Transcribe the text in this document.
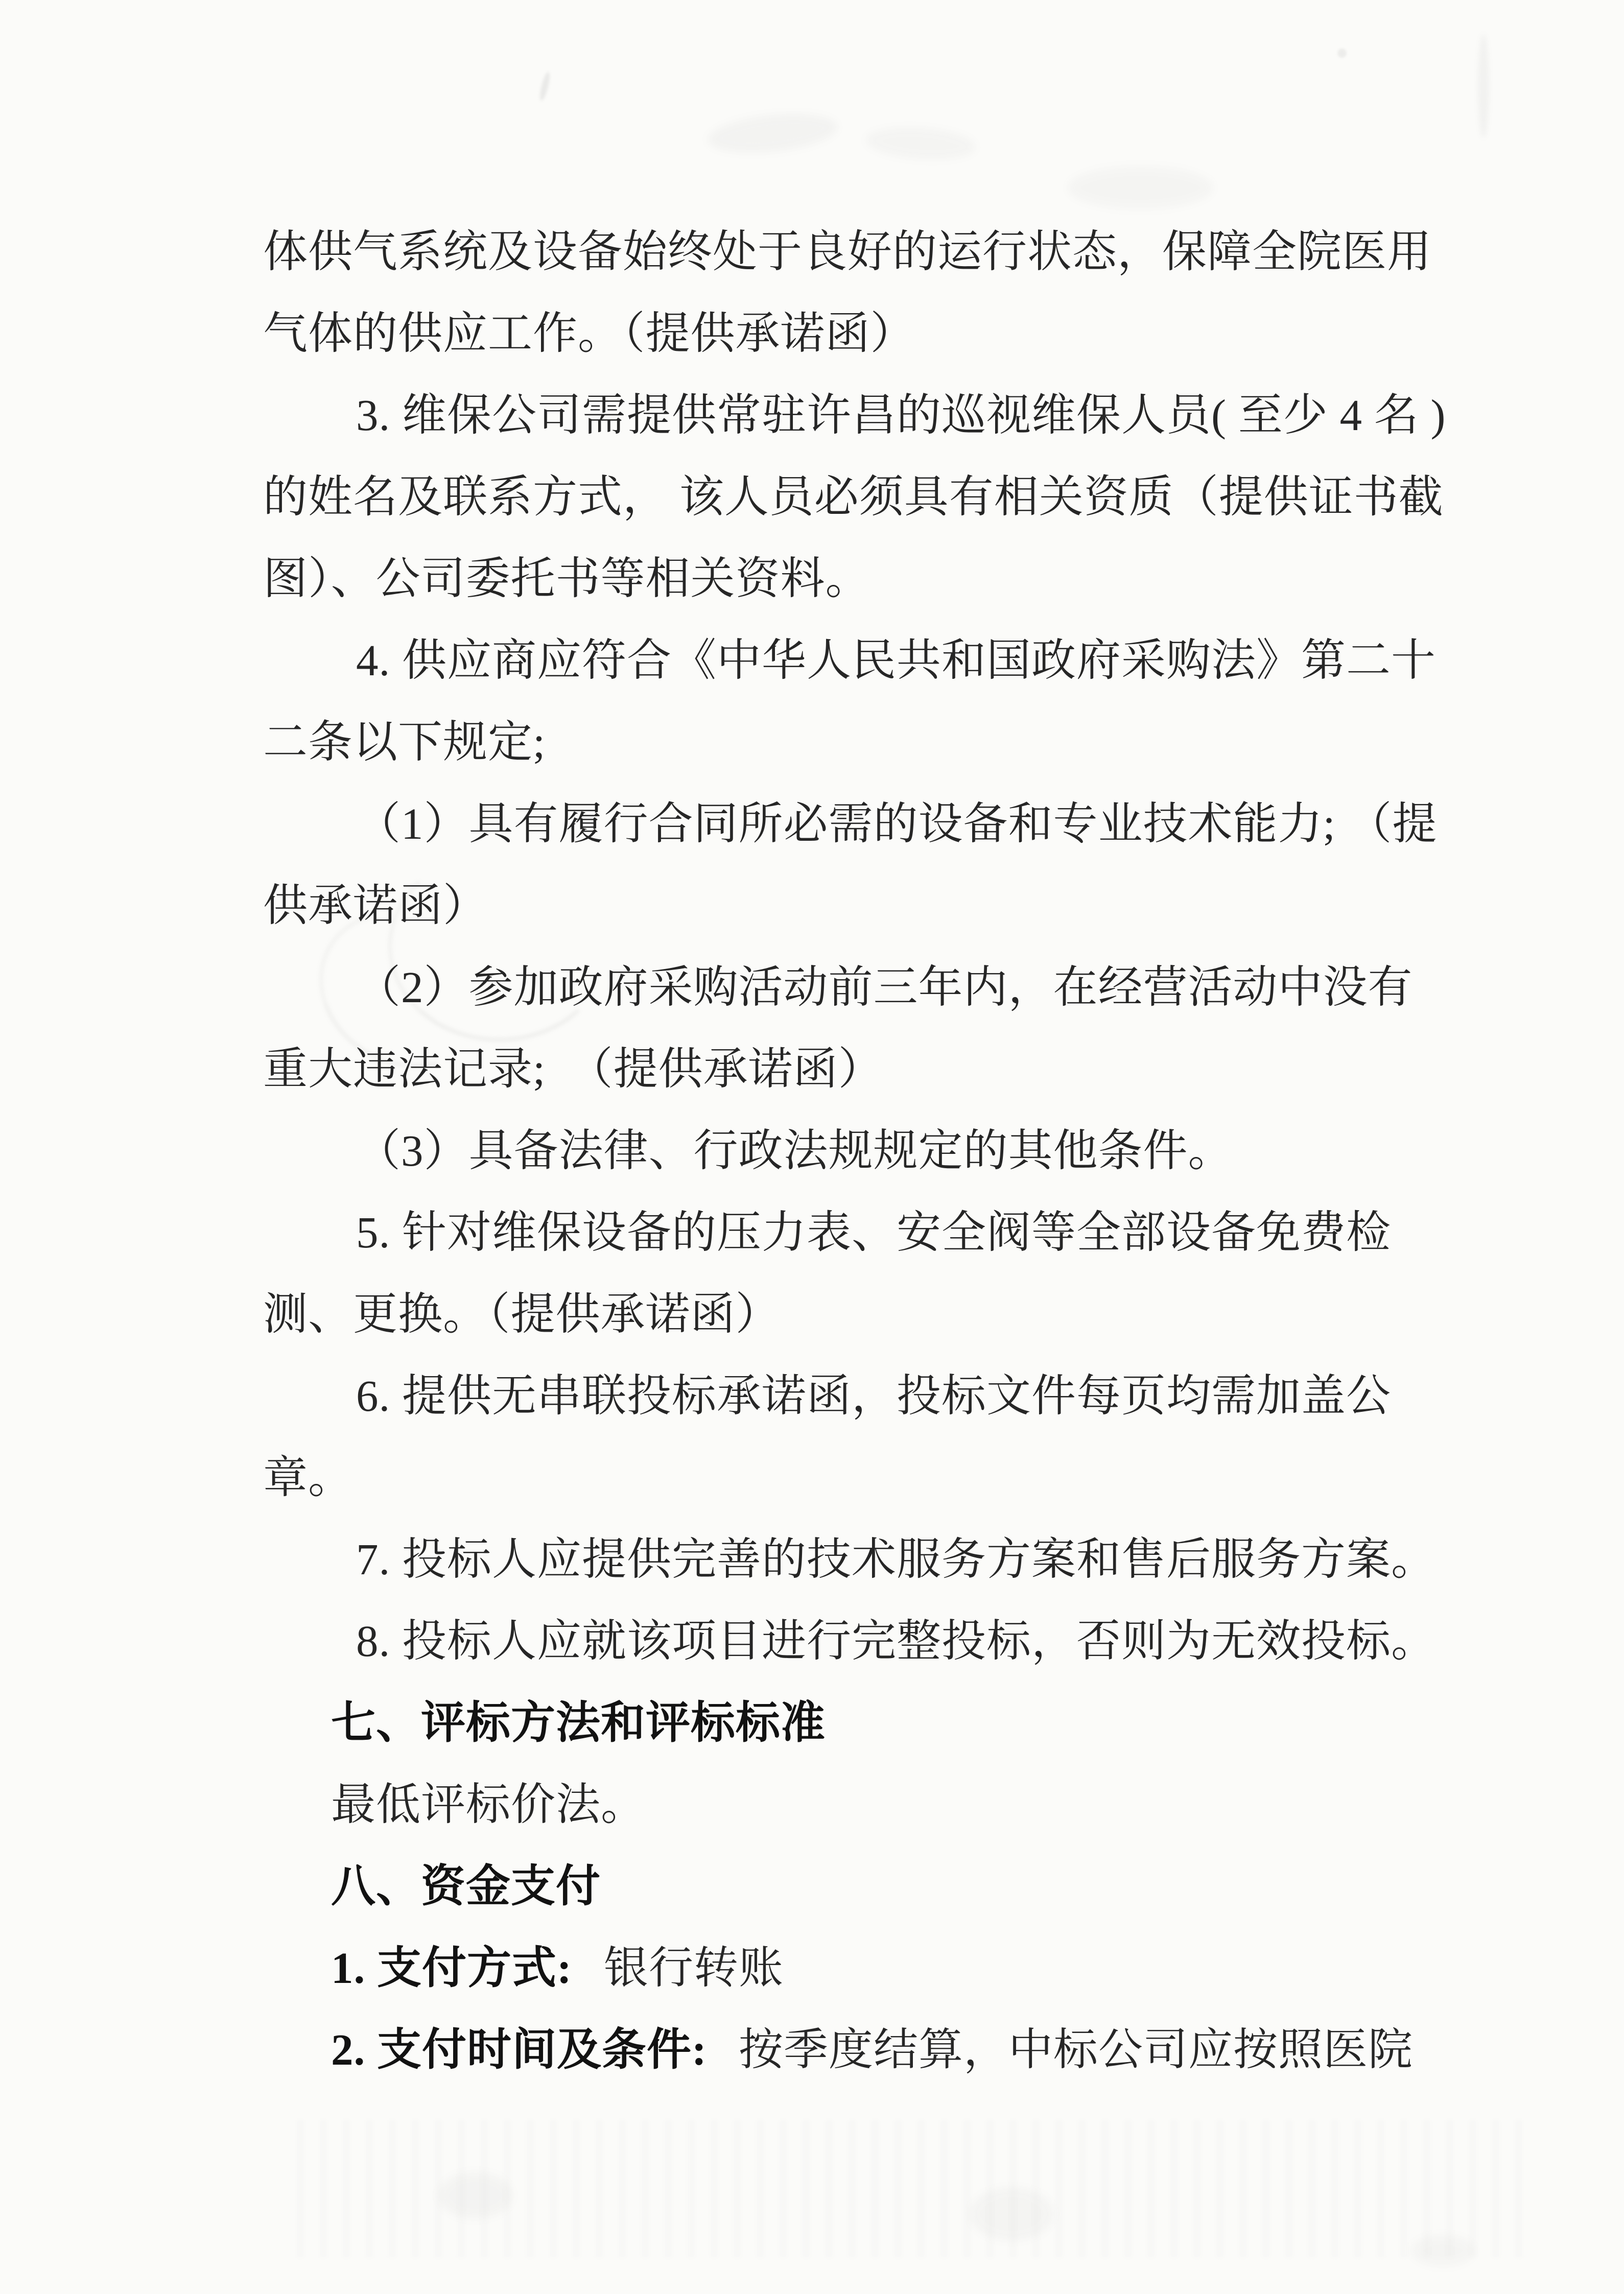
体供气系统及设备始终处于良好的运行状态，保障全院医用
气体的供应工作。（提供承诺函）
3. 维保公司需提供常驻许昌的巡视维保人员( 至少 4 名 )
的姓名及联系方式， 该人员必须具有相关资质（提供证书截
图）、公司委托书等相关资料。
4. 供应商应符合《中华人民共和国政府采购法》第二十
二条以下规定;
（1）具有履行合同所必需的设备和专业技术能力; （提
供承诺函）
（2）参加政府采购活动前三年内，在经营活动中没有
重大违法记录;　（提供承诺函）
（3）具备法律、行政法规规定的其他条件。
5. 针对维保设备的压力表、安全阀等全部设备免费检
测、更换。（提供承诺函）
6. 提供无串联投标承诺函，投标文件每页均需加盖公
章。
7. 投标人应提供完善的技术服务方案和售后服务方案。
8. 投标人应就该项目进行完整投标，否则为无效投标。
七、评标方法和评标标准
最低评标价法。
八、资金支付
1. 支付方式: 银行转账
2. 支付时间及条件: 按季度结算，中标公司应按照医院
